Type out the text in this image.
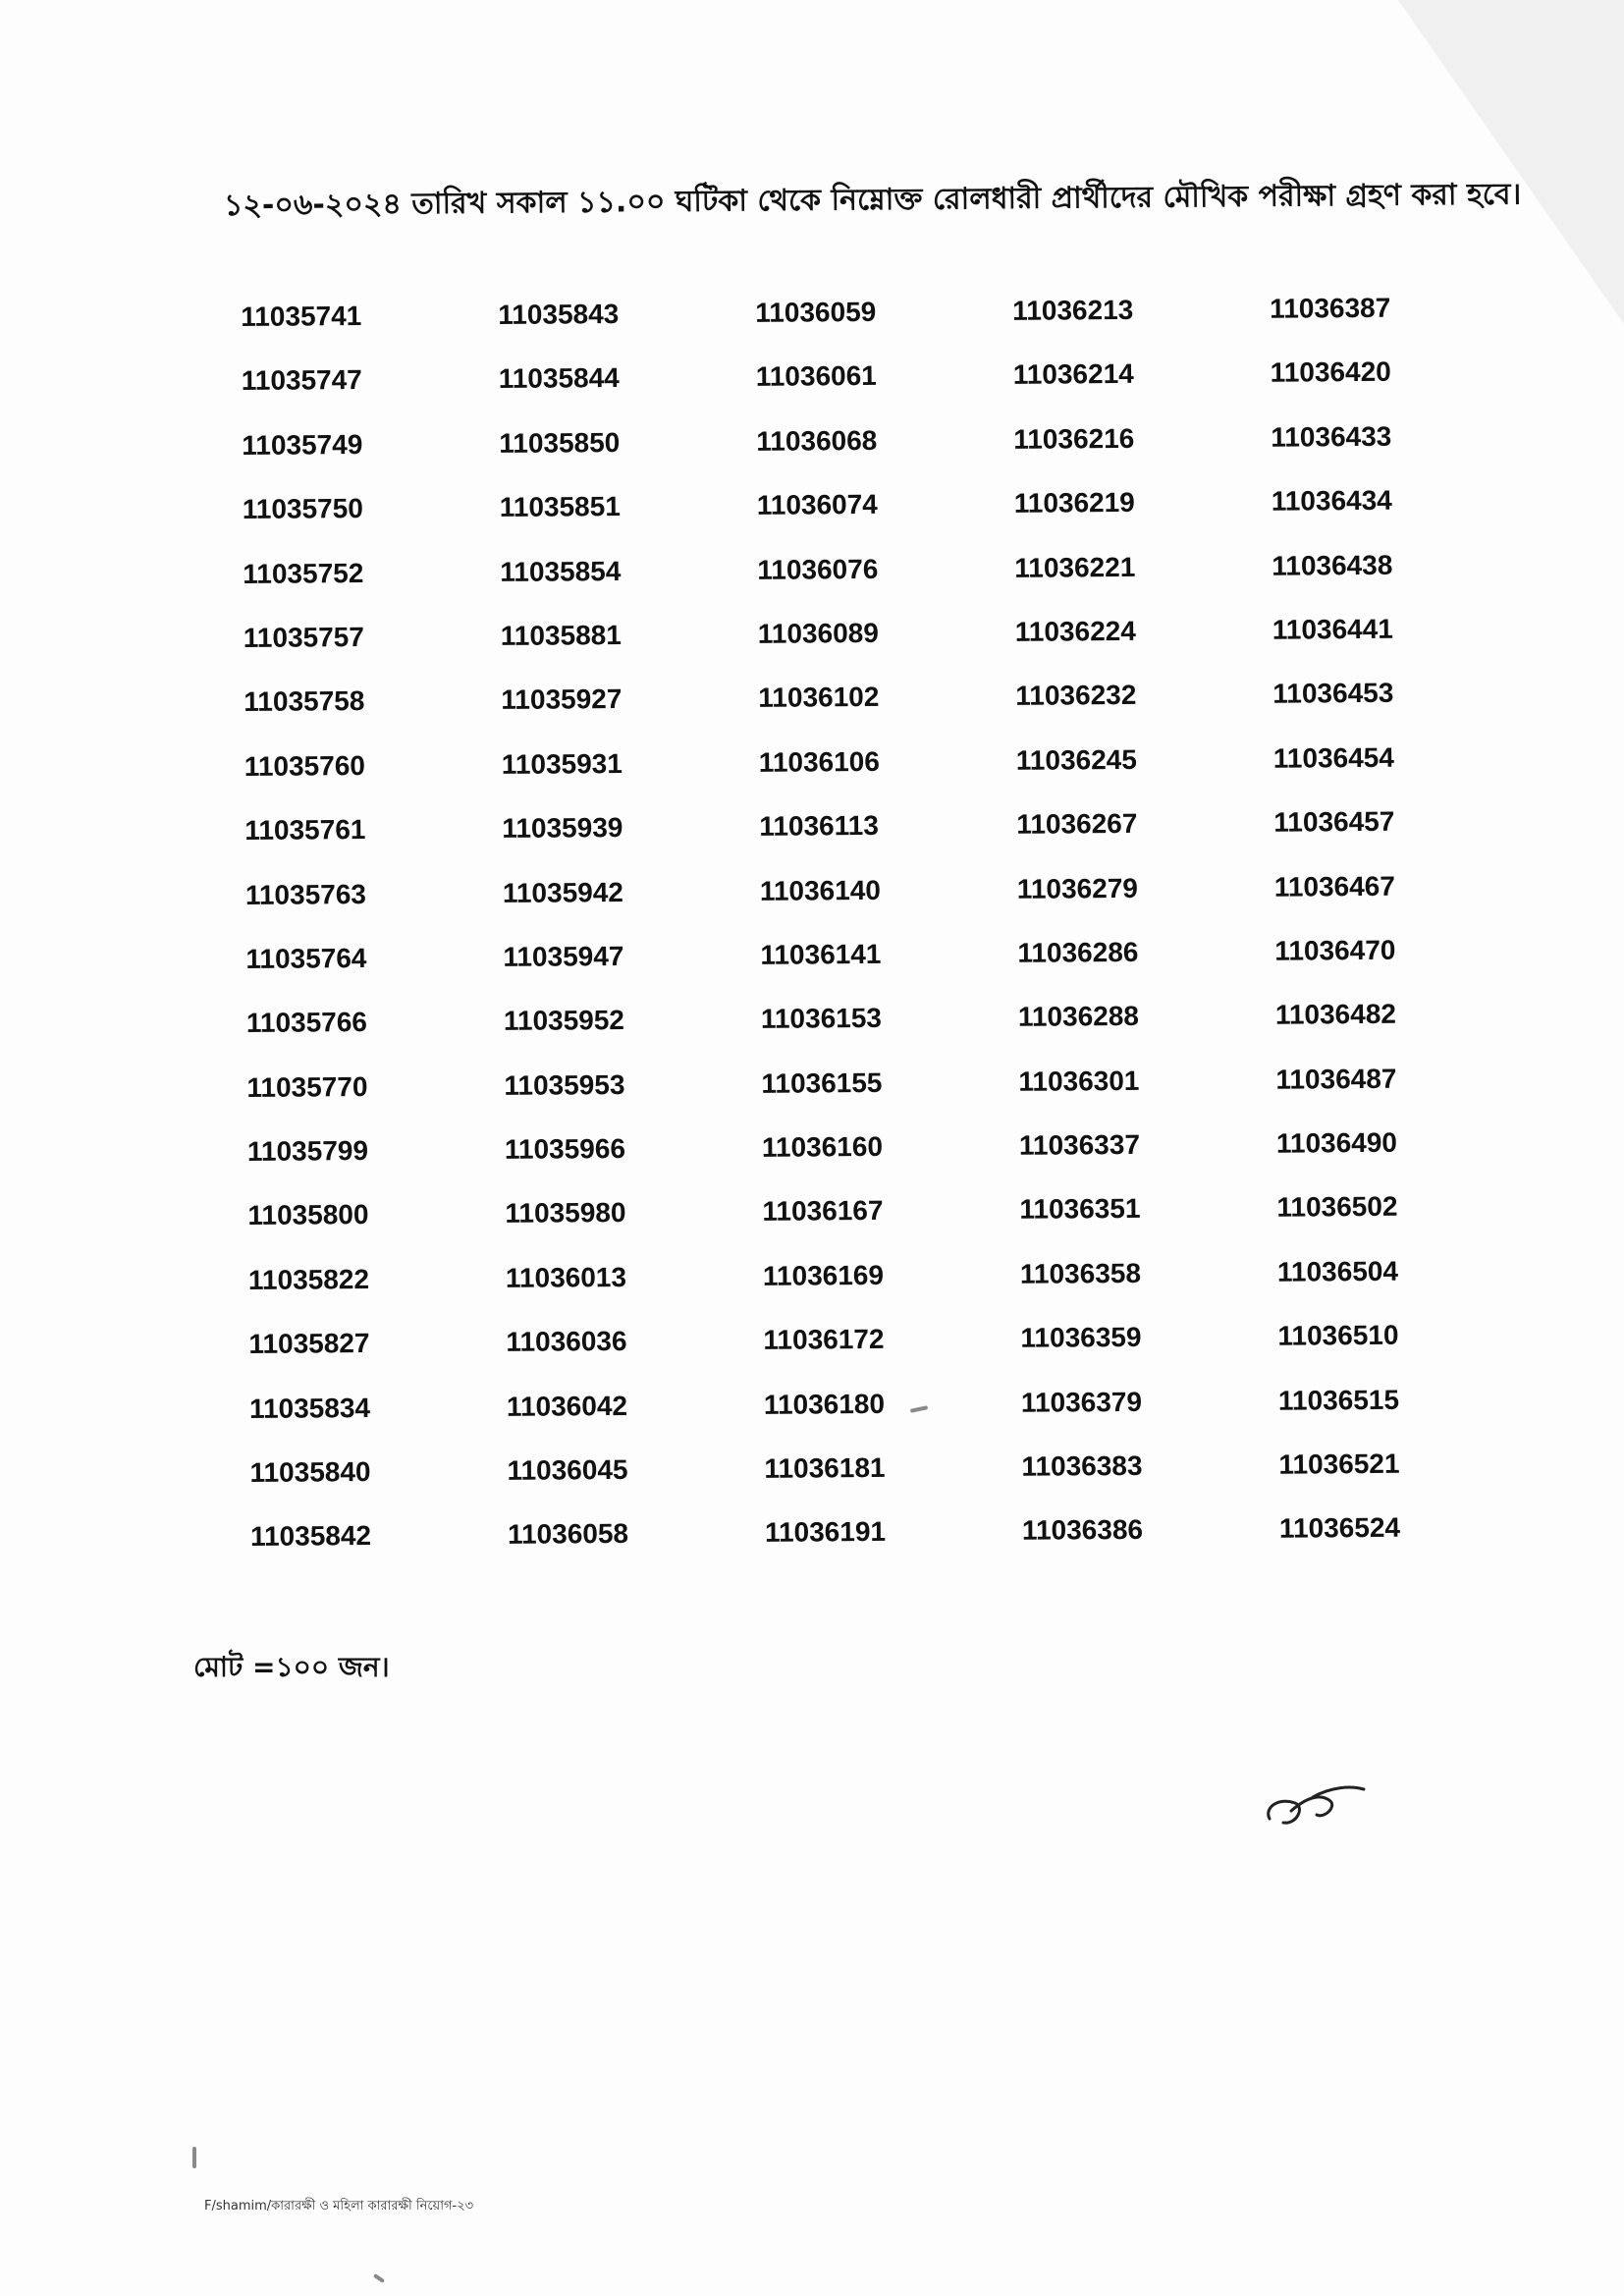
১২-০৬-২০২৪ তারিখ সকাল ১১.০০ ঘটিকা থেকে নিম্নোক্ত রোলধারী প্রার্থীদের মৌখিক পরীক্ষা গ্রহণ করা হবে।
11035741
11035747
11035749
11035750
11035752
11035757
11035758
11035760
11035761
11035763
11035764
11035766
11035770
11035799
11035800
11035822
11035827
11035834
11035840
11035842
11035843
11035844
11035850
11035851
11035854
11035881
11035927
11035931
11035939
11035942
11035947
11035952
11035953
11035966
11035980
11036013
11036036
11036042
11036045
11036058
11036059
11036061
11036068
11036074
11036076
11036089
11036102
11036106
11036113
11036140
11036141
11036153
11036155
11036160
11036167
11036169
11036172
11036180
11036181
11036191
11036213
11036214
11036216
11036219
11036221
11036224
11036232
11036245
11036267
11036279
11036286
11036288
11036301
11036337
11036351
11036358
11036359
11036379
11036383
11036386
11036387
11036420
11036433
11036434
11036438
11036441
11036453
11036454
11036457
11036467
11036470
11036482
11036487
11036490
11036502
11036504
11036510
11036515
11036521
11036524
মোট =১০০ জন।
F/shamim/কারারক্ষী ও মহিলা কারারক্ষী নিয়োগ-২৩
